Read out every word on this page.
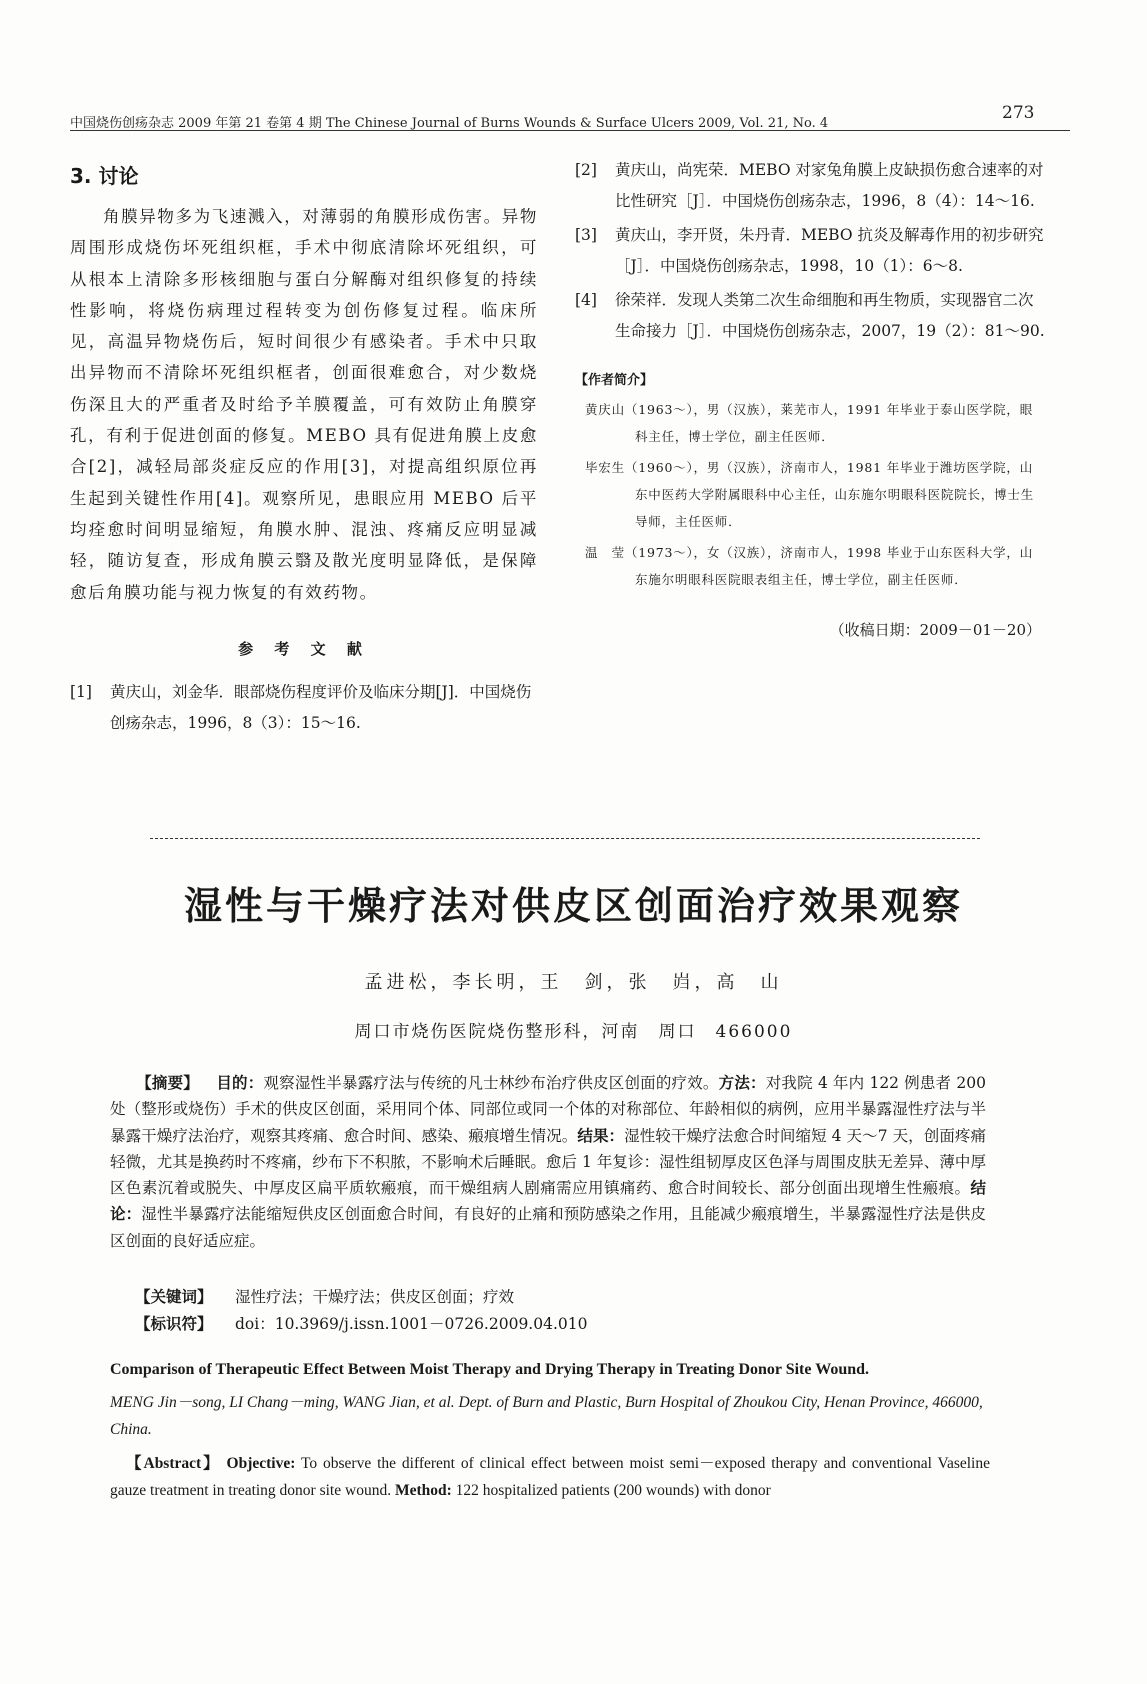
中国烧伤创疡杂志 2009 年第 21 卷第 4 期 The Chinese Journal of Burns Wounds & Surface Ulcers 2009, Vol. 21, No. 4
273
3. 讨论

角膜异物多为飞速溅入，对薄弱的角膜形成伤害。异物周围形成烧伤坏死组织框，手术中彻底清除坏死组织，可从根本上清除多形核细胞与蛋白分解酶对组织修复的持续性影响，将烧伤病理过程转变为创伤修复过程。临床所见，高温异物烧伤后，短时间很少有感染者。手术中只取出异物而不清除坏死组织框者，创面很难愈合，对少数烧伤深且大的严重者及时给予羊膜覆盖，可有效防止角膜穿孔，有利于促进创面的修复。MEBO 具有促进角膜上皮愈合[2]，减轻局部炎症反应的作用[3]，对提高组织原位再生起到关键性作用[4]。观察所见，患眼应用 MEBO 后平均痊愈时间明显缩短，角膜水肿、混浊、疼痛反应明显减轻，随访复查，形成角膜云翳及散光度明显降低，是保障愈后角膜功能与视力恢复的有效药物。

参 考 文 献

[1] 黄庆山，刘金华．眼部烧伤程度评价及临床分期[J]．中国烧伤创疡杂志，1996，8（3）：15～16.

[2] 黄庆山，尚宪荣．MEBO 对家兔角膜上皮缺损伤愈合速率的对比性研究［J］．中国烧伤创疡杂志，1996，8（4）：14～16.

[3] 黄庆山，李开贤，朱丹青．MEBO 抗炎及解毒作用的初步研究［J］．中国烧伤创疡杂志，1998，10（1）：6～8.

[4] 徐荣祥．发现人类第二次生命细胞和再生物质，实现器官二次生命接力［J］．中国烧伤创疡杂志，2007，19（2）：81～90.

【作者简介】

黄庆山（1963～），男（汉族），莱芜市人，1991 年毕业于泰山医学院，眼科主任，博士学位，副主任医师．

毕宏生（1960～），男（汉族），济南市人，1981 年毕业于潍坊医学院，山东中医药大学附属眼科中心主任，山东施尔明眼科医院院长，博士生导师，主任医师．

温　莹（1973～），女（汉族），济南市人，1998 毕业于山东医科大学，山东施尔明眼科医院眼表组主任，博士学位，副主任医师．

（收稿日期：2009－01－20）
湿性与干燥疗法对供皮区创面治疗效果观察
孟进松，李长明，王　剑，张　岿，高　山
周口市烧伤医院烧伤整形科，河南　周口　466000
【摘要】 目的：观察湿性半暴露疗法与传统的凡士林纱布治疗供皮区创面的疗效。方法：对我院 4 年内 122 例患者 200 处（整形或烧伤）手术的供皮区创面，采用同个体、同部位或同一个体的对称部位、年龄相似的病例，应用半暴露湿性疗法与半暴露干燥疗法治疗，观察其疼痛、愈合时间、感染、瘢痕增生情况。结果：湿性较干燥疗法愈合时间缩短 4 天～7 天，创面疼痛轻微，尤其是换药时不疼痛，纱布下不积脓，不影响术后睡眠。愈后 1 年复诊：湿性组韧厚皮区色泽与周围皮肤无差异、薄中厚区色素沉着或脱失、中厚皮区扁平质软瘢痕，而干燥组病人剧痛需应用镇痛药、愈合时间较长、部分创面出现增生性瘢痕。结论：湿性半暴露疗法能缩短供皮区创面愈合时间，有良好的止痛和预防感染之作用，且能减少瘢痕增生，半暴露湿性疗法是供皮区创面的良好适应症。
【关键词】 湿性疗法；干燥疗法；供皮区创面；疗效
【标识符】 doi：10.3969/j.issn.1001－0726.2009.04.010
Comparison of Therapeutic Effect Between Moist Therapy and Drying Therapy in Treating Donor Site Wound.
MENG Jin－song, LI Chang－ming, WANG Jian, et al. Dept. of Burn and Plastic, Burn Hospital of Zhoukou City, Henan Province, 466000, China.
【Abstract】 Objective: To observe the different of clinical effect between moist semi－exposed therapy and conventional Vaseline gauze treatment in treating donor site wound. Method: 122 hospitalized patients (200 wounds) with donor
